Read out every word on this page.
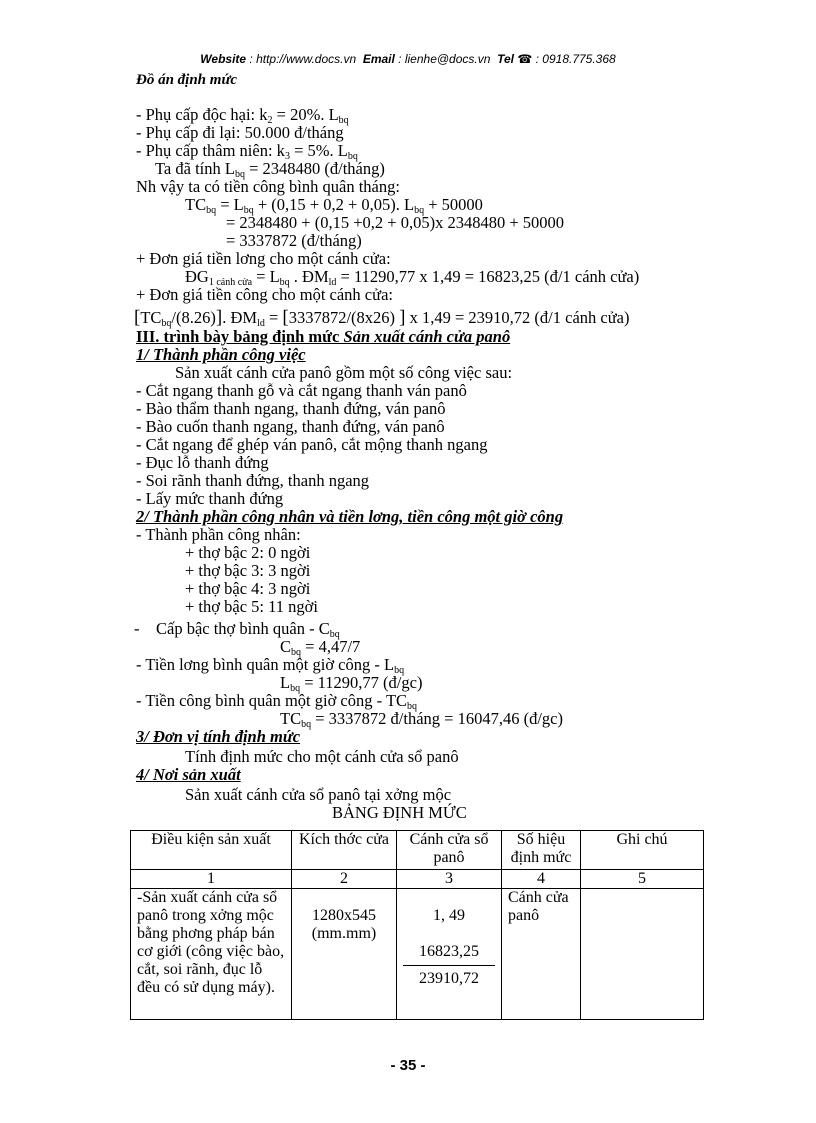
Website : http://www.docs.vn Email : lienhe@docs.vn Tel ☎ : 0918.775.368
Đồ án định mức
- Phụ cấp độc hại: $k_2 = 20\%$. $L_{bq}$
- Phụ cấp đi lại: 50.000 đ/tháng
- Phụ cấp thâm niên: $k_3 = 5\%$. $L_{bq}$
Ta đã tính $L_{bq} = 2348480$ (đ/tháng)
Nh vậy ta có tiền công bình quân tháng:
$TC_{bq} = L_{bq} + (0,15 + 0,2 + 0,05)$. $L_{bq} + 50000$
= 2348480 + (0,15 +0,2 + 0,05)x 2348480 + 50000
= 3337872 (đ/tháng)
+ Đơn giá tiền lơng cho một cánh cửa:
$ĐG_{1 cánh cửa} = L_{bq}$ . $ĐM_{ld} = 11290,77$ x 1,49 = 16823,25 (đ/1 cánh cửa)
+ Đơn giá tiền công cho một cánh cửa:
$[TC_{bq}/(8.26)]$. $ĐM_{ld} = [3337872/(8x26)$ ] x 1,49 = 23910,72 (đ/1 cánh cửa)
III. trình bày bảng định mức Sản xuất cánh cửa panô
1/ Thành phần công việc
Sản xuất cánh cửa panô gồm một số công việc sau:
- Cắt ngang thanh gỗ và cắt ngang thanh ván panô
- Bào thẩm thanh ngang, thanh đứng, ván panô
- Bào cuốn thanh ngang, thanh đứng, ván panô
- Cắt ngang để ghép ván panô, cắt mộng thanh ngang
- Đục lỗ thanh đứng
- Soi rãnh thanh đứng, thanh ngang
- Lấy mức thanh đứng
2/ Thành phần công nhân và tiền lơng, tiền công một giờ công
- Thành phần công nhân:
+ thợ bậc 2: 0 ngời
+ thợ bậc 3: 3 ngời
+ thợ bậc 4: 3 ngời
+ thợ bậc 5: 11 ngời
- Cấp bậc thợ bình quân - $C_{bq}$
$C_{bq} = 4,47/7$
- Tiền lơng bình quân một giờ công - $L_{bq}$
$L_{bq} = 11290,77$ (đ/gc)
- Tiền công bình quân một giờ công - $TC_{bq}$
$TC_{bq} = 3337872$ đ/tháng = 16047,46 (đ/gc)
3/ Đơn vị tính định mức
Tính định mức cho một cánh cửa sổ panô
4/ Nơi sản xuất
Sản xuất cánh cửa sổ panô tại xởng mộc
BẢNG ĐỊNH MỨC
Điều kiện sản xuất	Kích thớc cửa	Cánh cửa sổ panô	Số hiệu định mức	Ghi chú
1	2	3	4	5
-Sản xuất cánh cửa sổ panô trong xởng mộc bằng phơng pháp bán cơ giới (công việc bào, cắt, soi rãnh, đục lỗ đều có sử dụng máy).	1280x545 (mm.mm)	1, 49
16823,25
23910,72	Cánh cửa panô	
- 35 -
